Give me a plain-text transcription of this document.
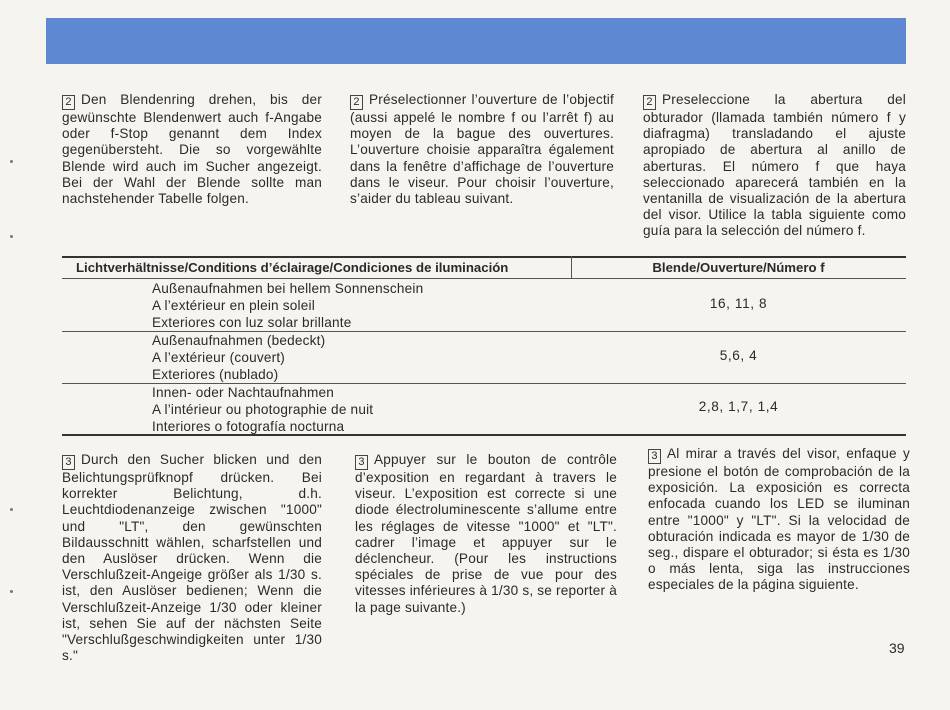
2 Den Blendenring drehen, bis der gewünschte Blendenwert auch f-Angabe oder f-Stop genannt dem Index gegenübersteht. Die so vorgewählte Blende wird auch im Sucher angezeigt. Bei der Wahl der Blende sollte man nachstehender Tabelle folgen.
2 Préselectionner l’ouverture de l’objectif (aussi appelé le nombre f ou l’arrêt f) au moyen de la bague des ouvertures. L’ouverture choisie apparaîtra également dans la fenêtre d’affichage de l’ouverture dans le viseur. Pour choisir l’ouverture, s’aider du tableau suivant.
2 Preseleccione la abertura del obturador (llamada también número f y diafragma) transladando el ajuste apropiado de abertura al anillo de aberturas. El número f que haya seleccionado aparecerá también en la ventanilla de visualización de la abertura del visor. Utilice la tabla siguiente como guía para la selección del número f.
Lichtverhältnisse/Conditions d’éclairage/Condiciones de iluminación	Blende/Ouverture/Número f
Außenaufnahmen bei hellem Sonnenschein
A l’extérieur en plein soleil
Exteriores con luz solar brillante
16, 11, 8
Außenaufnahmen (bedeckt)
A l’extérieur (couvert)
Exteriores (nublado)
5,6, 4
Innen- oder Nachtaufnahmen
A l’intérieur ou photographie de nuit
Interiores o fotografía nocturna
2,8, 1,7, 1,4
3 Durch den Sucher blicken und den Belichtungsprüfknopf drücken. Bei korrekter Belichtung, d.h. Leuchtdiodenanzeige zwischen "1000" und "LT", den gewünschten Bildausschnitt wählen, scharfstellen und den Auslöser drücken. Wenn die Verschlußzeit-Angeige größer als 1/30 s. ist, den Auslöser bedienen; Wenn die Verschlußzeit-Anzeige 1/30 oder kleiner ist, sehen Sie auf der nächsten Seite "Verschlußgeschwindigkeiten unter 1/30 s."
3 Appuyer sur le bouton de contrôle d’exposition en regardant à travers le viseur. L’exposition est correcte si une diode électroluminescente s’allume entre les réglages de vitesse "1000" et "LT". cadrer l’image et appuyer sur le déclencheur. (Pour les instructions spéciales de prise de vue pour des vitesses inférieures à 1/30 s, se reporter à la page suivante.)
3 Al mirar a través del visor, enfaque y presione el botón de comprobación de la exposición. La exposición es correcta enfocada cuando los LED se iluminan entre "1000" y "LT". Si la velocidad de obturación indicada es mayor de 1/30 de seg., dispare el obturador; si ésta es 1/30 o más lenta, siga las instrucciones especiales de la página siguiente.
39
